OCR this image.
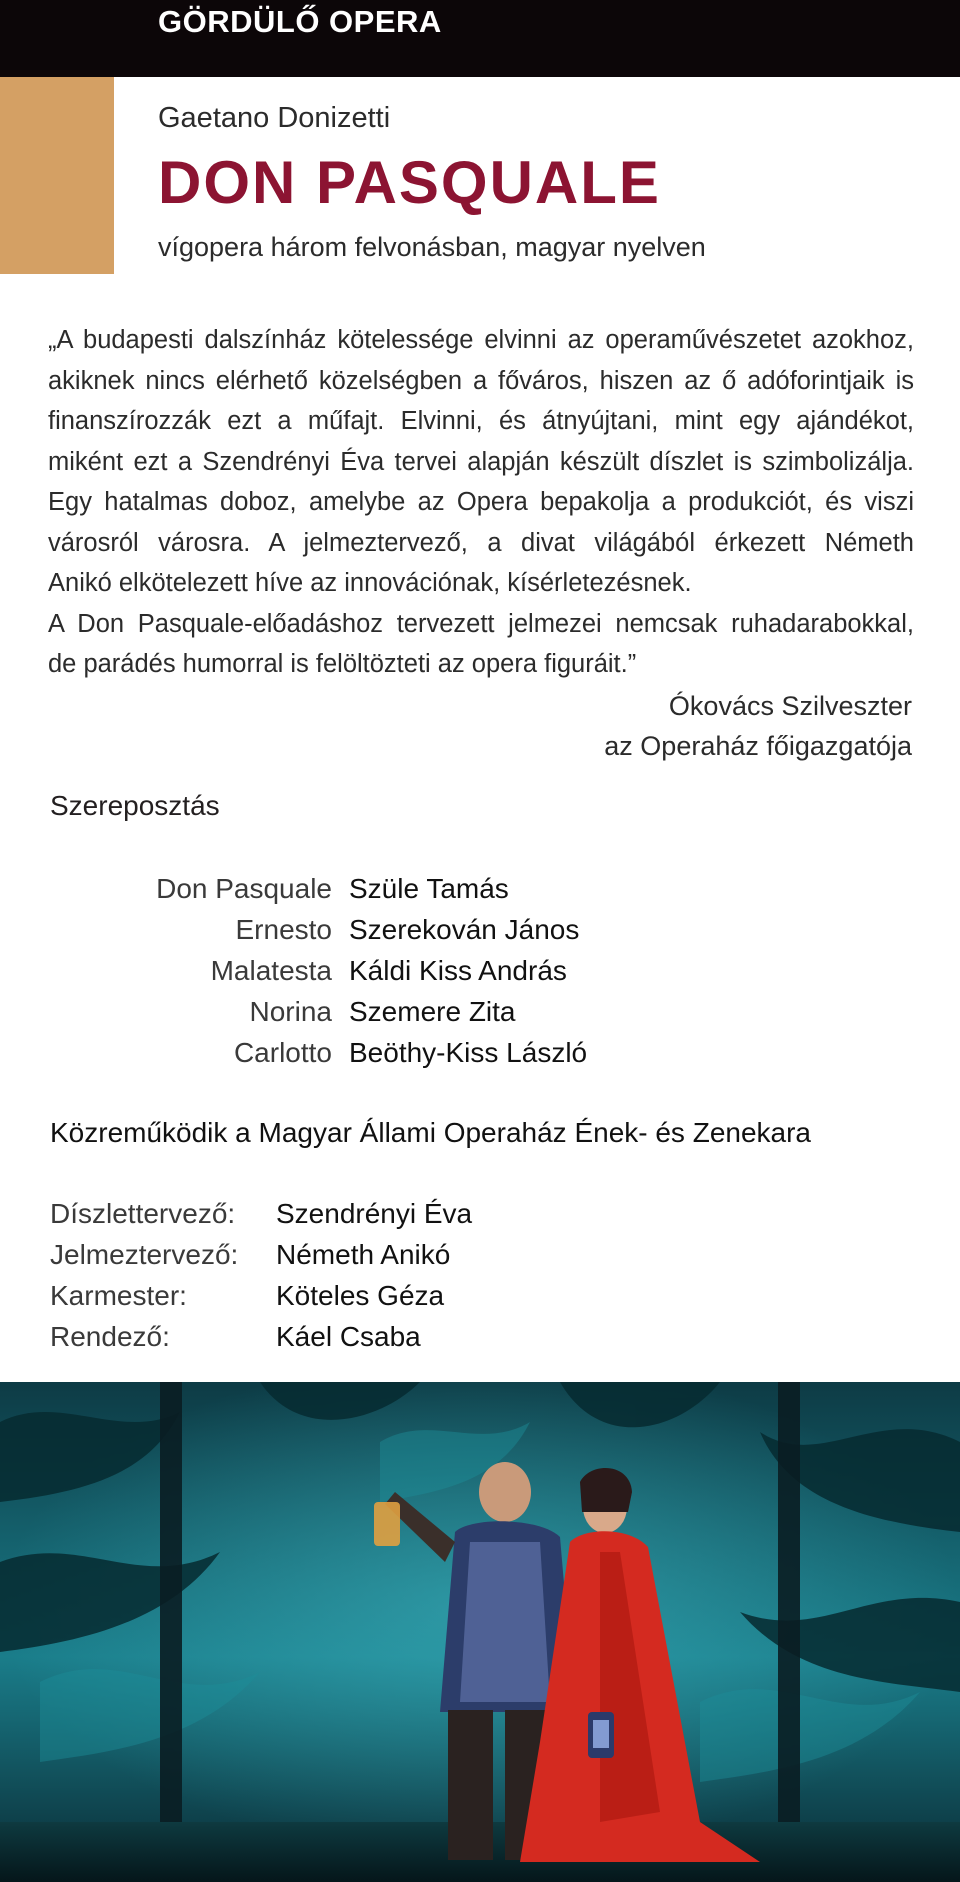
GÖRDÜLŐ OPERA

Gaetano Donizetti

DON PASQUALE

vígopera három felvonásban, magyar nyelven

„A budapesti dalszínház kötelessége elvinni az operaművészetet azokhoz,
akiknek nincs elérhető közelségben a főváros, hiszen az ő adóforintjaik is
finanszírozzák ezt a műfajt. Elvinni, és átnyújtani, mint egy ajándékot,
miként ezt a Szendrényi Éva tervei alapján készült díszlet is szimbolizálja.
Egy hatalmas doboz, amelybe az Opera bepakolja a produkciót, és viszi
városról városra. A jelmeztervező, a divat világából érkezett Németh
Anikó elkötelezett híve az innovációnak, kísérletezésnek.
A Don Pasquale-előadáshoz tervezett jelmezei nemcsak ruhadarabokkal,
de parádés humorral is felöltözteti az opera figuráit.”
Ókovács Szilveszter
az Operaház főigazgatója
Szereposztás
Don Pasquale Szüle Tamás
Ernesto Szerekován János
Malatesta Káldi Kiss András
Norina Szemere Zita
Carlotto Beöthy-Kiss László

Közreműködik a Magyar Állami Operaház Ének- és Zenekara

Díszlettervező: Szendrényi Éva
Jelmeztervező: Németh Anikó
Karmester:	Köteles Géza
Rendező:	Káel Csaba
